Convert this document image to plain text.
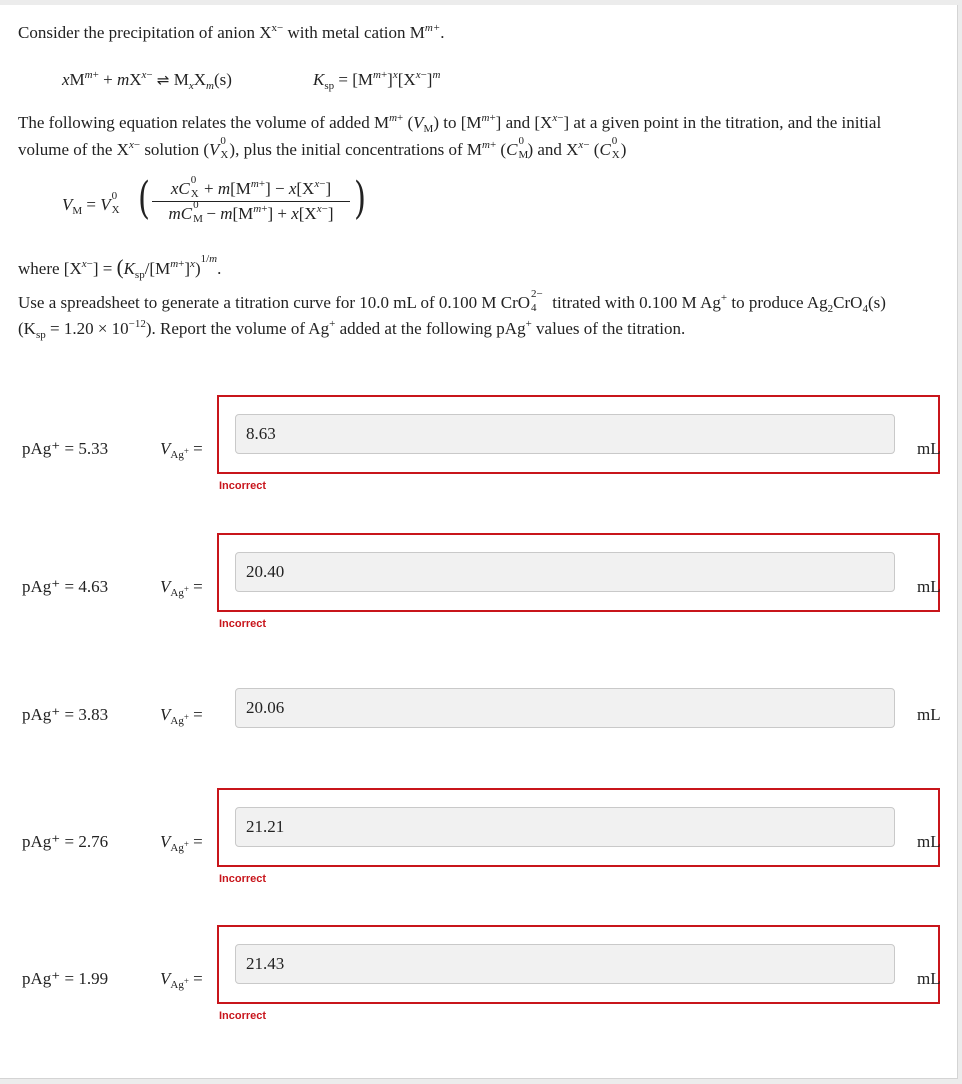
Consider the precipitation of anion $X^{x-}$ with metal cation $M^{m+}$.
$xM^{m+} + mX^{x-}$ ⇌ $M_xX_m(s)$	$K_{sp} = [M^{m+}]^x[X^{x-}]^m$
The following equation relates the volume of added $M^{m+}$ $(V_M)$ to $[M^{m+}]$ and $[X^{x-}]$ at a given point in the titration, and the initial
volume of the $X^{x-}$ solution (V 0
X ), plus the initial concentrations of $M^{m+}$ (C 0
M ) and $X^{x-}$ (C 0
X )
$V_M = V$ 0
X (	xC 0
$X + m[M^{m+}] - x[X^{x-}]$
mC 0
$M - m[M^{m+}] + x[X^{x-}]$ )
where $[X^{x-}] = (K_{sp}/[M^{m+}]^x)^{1/m}$.
Use a spreadsheet to generate a titration curve for 10.0 mL of 0.100 M CrO 2−
4 titrated with 0.100 M Ag+ to produce $Ag_2CrO_4(s)$
$(K_{sp} = 1.20 \times 10^{-12})$. Report the volume of Ag+ added at the following pAg+ values of the titration.
pAg⁺ = 5.33	$V_{Ag^+}$ =
8.63
mL
Incorrect
pAg⁺ = 4.63	$V_{Ag^+}$ =
20.40
mL
Incorrect
pAg⁺ = 3.83	$V_{Ag^+}$ =	20.06	mL
pAg⁺ = 2.76	$V_{Ag^+}$ =
21.21
mL
Incorrect
pAg⁺ = 1.99	$V_{Ag^+}$ =
21.43
mL
Incorrect
